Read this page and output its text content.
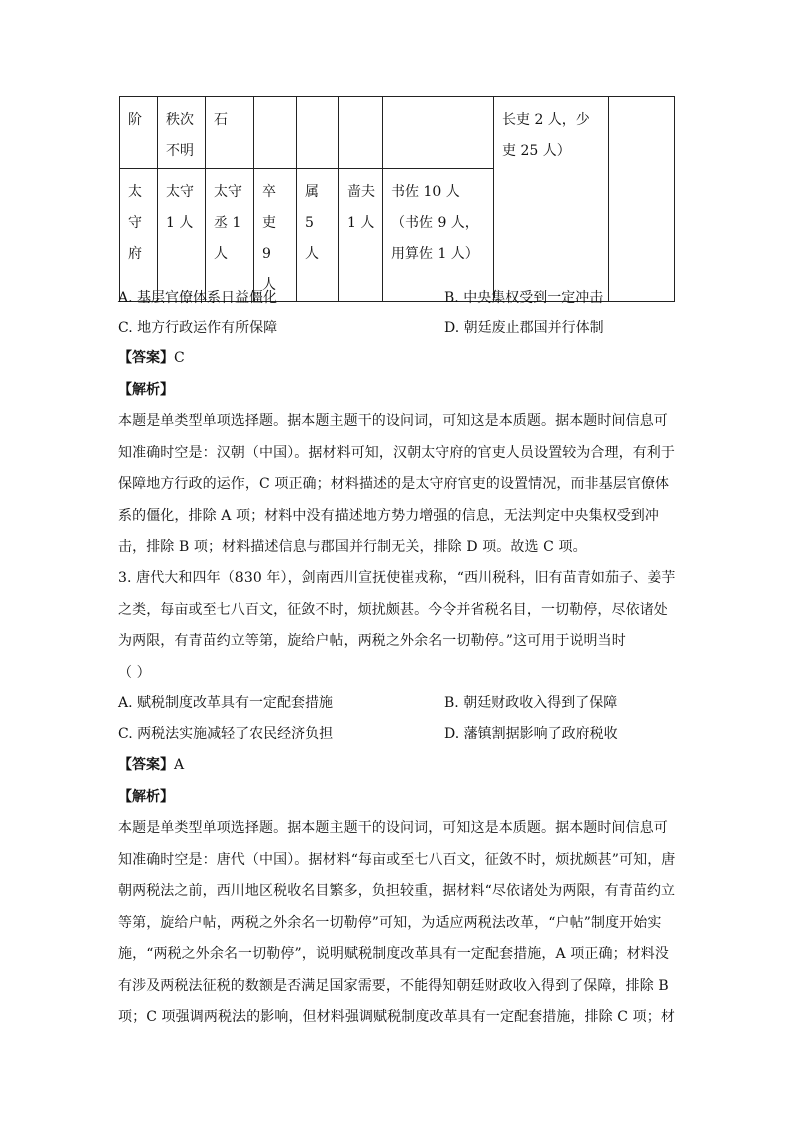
阶	秩次不明	石					长吏 2 人，少吏 25 人）	
太守府	太守 1 人	太守丞 1 人	卒吏 9 人	属 5 人	啬夫 1 人	书佐 10 人（书佐 9 人，用算佐 1 人）		
A. 基层官僚体系日益僵化	B. 中央集权受到一定冲击
C. 地方行政运作有所保障	D. 朝廷废止郡国并行体制
【答案】C
【解析】

本题是单类型单项选择题。据本题主题干的设问词，可知这是本质题。据本题时间信息可

知准确时空是：汉朝（中国）。据材料可知，汉朝太守府的官吏人员设置较为合理，有利于

保障地方行政的运作，C 项正确；材料描述的是太守府官吏的设置情况，而非基层官僚体

系的僵化，排除 A 项；材料中没有描述地方势力增强的信息，无法判定中央集权受到冲

击，排除 B 项；材料描述信息与郡国并行制无关，排除 D 项。故选 C 项。

3. 唐代大和四年（830 年），剑南西川宣抚使崔戎称，“西川税科，旧有苗青如茄子、姜芋

之类，每亩或至七八百文，征敛不时，烦扰颇甚。今令并省税名目，一切勒停，尽依诸处

为两限，有青苗约立等第，旋给户帖，两税之外余名一切勒停。”这可用于说明当时

（ ）

A. 赋税制度改革具有一定配套措施	B. 朝廷财政收入得到了保障
C. 两税法实施减轻了农民经济负担	D. 藩镇割据影响了政府税收
【答案】A
【解析】

本题是单类型单项选择题。据本题主题干的设问词，可知这是本质题。据本题时间信息可

知准确时空是：唐代（中国）。据材料“每亩或至七八百文，征敛不时，烦扰颇甚”可知，唐

朝两税法之前，西川地区税收名目繁多，负担较重，据材料“尽依诸处为两限，有青苗约立

等第，旋给户帖，两税之外余名一切勒停”可知，为适应两税法改革，“户帖”制度开始实

施，“两税之外余名一切勒停”，说明赋税制度改革具有一定配套措施，A 项正确；材料没

有涉及两税法征税的数额是否满足国家需要，不能得知朝廷财政收入得到了保障，排除 B

项；C 项强调两税法的影响，但材料强调赋税制度改革具有一定配套措施，排除 C 项；材
